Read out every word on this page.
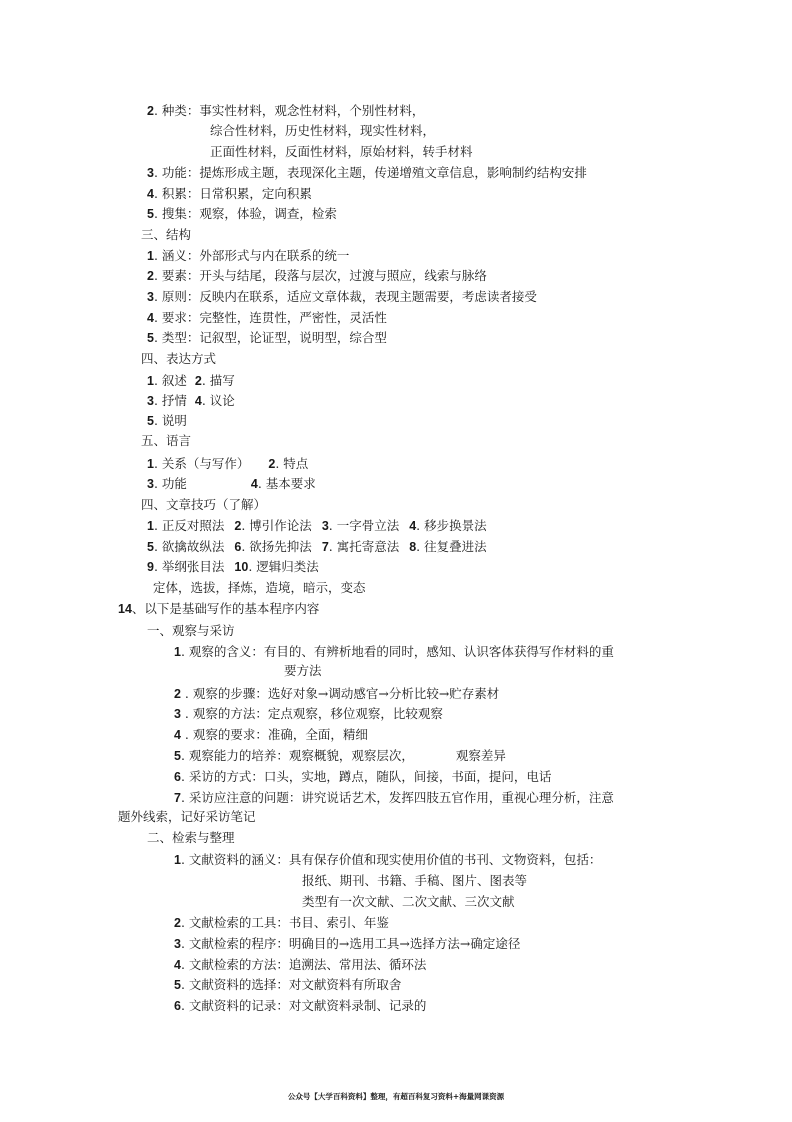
2. 种类：事实性材料，观念性材料，个别性材料，
综合性材料，历史性材料，现实性材料，
正面性材料，反面性材料，原始材料，转手材料
3. 功能：提炼形成主题，表现深化主题，传递增殖文章信息，影响制约结构安排
4. 积累：日常积累，定向积累
5. 搜集：观察，体验，调查，检索
三、结构
1. 涵义：外部形式与内在联系的统一
2. 要素：开头与结尾，段落与层次，过渡与照应，线索与脉络
3. 原则：反映内在联系，适应文章体裁，表现主题需要，考虑读者接受
4. 要求：完整性，连贯性，严密性，灵活性
5. 类型：记叙型，论证型，说明型，综合型
四、表达方式
1. 叙述 2. 描写
3. 抒情 4. 议论
5. 说明
五、语言
1. 关系（与写作） 2. 特点
3. 功能	4. 基本要求
四、文章技巧（了解）
1. 正反对照法 2. 博引作论法 3. 一字骨立法 4. 移步换景法
5. 欲擒故纵法 6. 欲扬先抑法 7. 寓托寄意法 8. 往复叠进法
9. 举纲张目法 10. 逻辑归类法
定体，选拔，择炼，造境，暗示，变态
14、以下是基础写作的基本程序内容
一、观察与采访
1. 观察的含义：有目的、有辨析地看的同时，感知、认识客体获得写作材料的重
要方法
2 . 观察的步骤：选好对象→调动感官→分析比较→贮存素材
3 . 观察的方法：定点观察，移位观察，比较观察
4 . 观察的要求：准确，全面，精细
5. 观察能力的培养：观察概貌，观察层次，	观察差异
6. 采访的方式：口头，实地，蹲点，随队，间接，书面，提问，电话
7. 采访应注意的问题：讲究说话艺术，发挥四肢五官作用，重视心理分析，注意
题外线索，记好采访笔记
二、检索与整理
1. 文献资料的涵义：具有保存价值和现实使用价值的书刊、文物资料，包括：
报纸、期刊、书籍、手稿、图片、图表等
类型有一次文献、二次文献、三次文献
2. 文献检索的工具：书目、索引、年鉴
3. 文献检索的程序：明确目的→选用工具→选择方法→确定途径
4. 文献检索的方法：追溯法、常用法、循环法
5. 文献资料的选择：对文献资料有所取舍
6. 文献资料的记录：对文献资料录制、记录的
公众号【大学百科资料】整理，有超百科复习资料+海量网课资源
